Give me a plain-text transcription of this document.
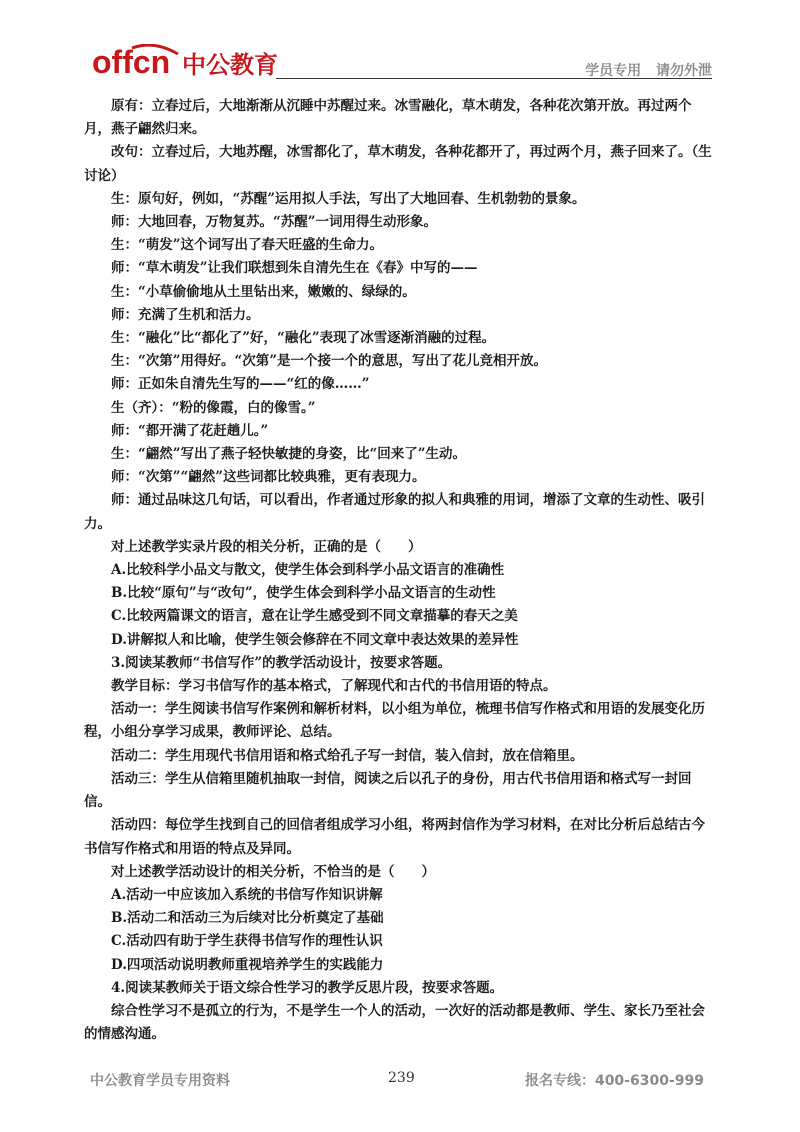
offcn 中公教育	学员专用 请勿外泄

原有：立春过后，大地渐渐从沉睡中苏醒过来。冰雪融化，草木萌发，各种花次第开放。再过两个月，燕子翩然归来。

改句：立春过后，大地苏醒，冰雪都化了，草木萌发，各种花都开了，再过两个月，燕子回来了。（生讨论）

生：原句好，例如，“苏醒”运用拟人手法，写出了大地回春、生机勃勃的景象。

师：大地回春，万物复苏。“苏醒”一词用得生动形象。

生：“萌发”这个词写出了春天旺盛的生命力。

师：“草木萌发”让我们联想到朱自清先生在《春》中写的——

生：“小草偷偷地从土里钻出来，嫩嫩的、绿绿的。

师：充满了生机和活力。

生：“融化”比“都化了”好，“融化”表现了冰雪逐渐消融的过程。

生：“次第”用得好。“次第”是一个接一个的意思，写出了花儿竞相开放。

师：正如朱自清先生写的——“红的像……”

生（齐）：“粉的像霞，白的像雪。”

师：“都开满了花赶趟儿。”

生：“翩然”写出了燕子轻快敏捷的身姿，比“回来了”生动。

师：“次第”“翩然”这些词都比较典雅，更有表现力。

师：通过品味这几句话，可以看出，作者通过形象的拟人和典雅的用词，增添了文章的生动性、吸引力。

对上述教学实录片段的相关分析，正确的是（　　）

A.比较科学小品文与散文，使学生体会到科学小品文语言的准确性

B.比较“原句”与“改句”，使学生体会到科学小品文语言的生动性

C.比较两篇课文的语言，意在让学生感受到不同文章描摹的春天之美

D.讲解拟人和比喻，使学生领会修辞在不同文章中表达效果的差异性

3.阅读某教师“书信写作”的教学活动设计，按要求答题。

教学目标：学习书信写作的基本格式，了解现代和古代的书信用语的特点。

活动一：学生阅读书信写作案例和解析材料，以小组为单位，梳理书信写作格式和用语的发展变化历程，小组分享学习成果，教师评论、总结。

活动二：学生用现代书信用语和格式给孔子写一封信，装入信封，放在信箱里。

活动三：学生从信箱里随机抽取一封信，阅读之后以孔子的身份，用古代书信用语和格式写一封回信。

活动四：每位学生找到自己的回信者组成学习小组，将两封信作为学习材料，在对比分析后总结古今书信写作格式和用语的特点及异同。

对上述教学活动设计的相关分析，不恰当的是（　　）

A.活动一中应该加入系统的书信写作知识讲解

B.活动二和活动三为后续对比分析奠定了基础

C.活动四有助于学生获得书信写作的理性认识

D.四项活动说明教师重视培养学生的实践能力

4.阅读某教师关于语文综合性学习的教学反思片段，按要求答题。

综合性学习不是孤立的行为，不是学生一个人的活动，一次好的活动都是教师、学生、家长乃至社会的情感沟通。

中公教育学员专用资料	239	报名专线：400-6300-999
